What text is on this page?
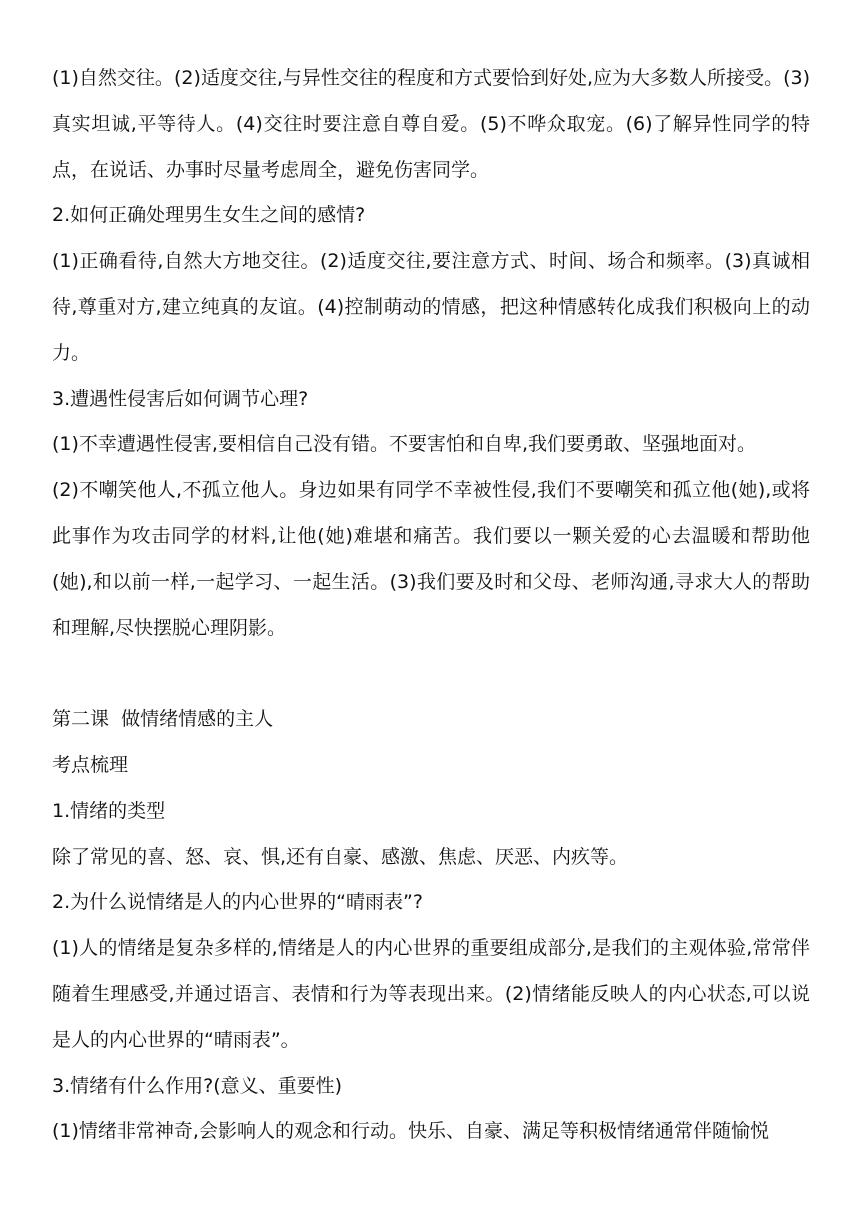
(1)自然交往。(2)适度交往,与异性交往的程度和方式要恰到好处,应为大多数人所接受。(3)真实坦诚,平等待人。(4)交往时要注意自尊自爱。(5)不哗众取宠。(6)了解异性同学的特点，在说话、办事时尽量考虑周全，避免伤害同学。

2.如何正确处理男生女生之间的感情?

(1)正确看待,自然大方地交往。(2)适度交往,要注意方式、时间、场合和频率。(3)真诚相待,尊重对方,建立纯真的友谊。(4)控制萌动的情感，把这种情感转化成我们积极向上的动力。

3.遭遇性侵害后如何调节心理?

(1)不幸遭遇性侵害,要相信自己没有错。不要害怕和自卑,我们要勇敢、坚强地面对。

(2)不嘲笑他人,不孤立他人。身边如果有同学不幸被性侵,我们不要嘲笑和孤立他(她),或将此事作为攻击同学的材料,让他(她)难堪和痛苦。我们要以一颗关爱的心去温暖和帮助他(她),和以前一样,一起学习、一起生活。(3)我们要及时和父母、老师沟通,寻求大人的帮助和理解,尽快摆脱心理阴影。

第二课  做情绪情感的主人

考点梳理

1.情绪的类型

除了常见的喜、怒、哀、惧,还有自豪、感激、焦虑、厌恶、内疚等。

2.为什么说情绪是人的内心世界的“晴雨表”?

(1)人的情绪是复杂多样的,情绪是人的内心世界的重要组成部分,是我们的主观体验,常常伴随着生理感受,并通过语言、表情和行为等表现出来。(2)情绪能反映人的内心状态,可以说是人的内心世界的“晴雨表”。

3.情绪有什么作用?(意义、重要性)

(1)情绪非常神奇,会影响人的观念和行动。快乐、自豪、满足等积极情绪通常伴随愉悦
